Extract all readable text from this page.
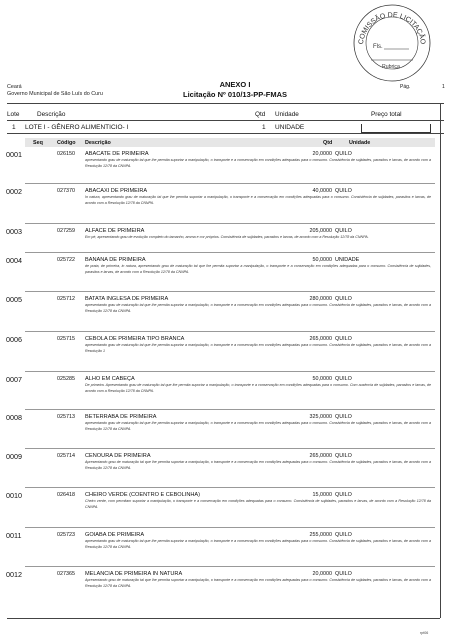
COMISSÃO DE LICITAÇÃO
Fls.
Rubrica
Ceará
Governo Municipal de São Luís do Curu
ANEXO I
Licitação Nº 010/13-PP-FMAS
Pág.	1
Lote	Descrição	Qtd Unidade	Preço total
1 LOTE I - GÊNERO ALIMENTICIO- I	1 UNIDADE
Seq	Código Descrição	Qtd	Unidade
0001	026150 ABACATE DE PRIMEIRA	20,0000 QUILO
apresentando grau de maturação tal que lhe permita suportar a manipulação, o transporte e a conservação em condições adequadas para o consumo. Consistência de sujidades, parasitos e larvas, de acordo com a Resolução 12/78 da CNNPA.
0002	027370 ABACAXI DE PRIMEIRA	40,0000 QUILO
In natura, apresentando grau de maturação tal que lhe permita suportar a manipulação, o transporte e a conservação em condições adequadas para o consumo. Consistência de sujidades, parasitos e larvas, de acordo com a Resolução 12/78 da CNNPA.
0003	027259 ALFACE DE PRIMEIRA	205,0000 QUILO
Em pé, apresentando grau de evolução completo do tamanho, aroma e cor próprios. Consistência de sujidades, parasitos e larvas, de acordo com a Resolução 12/78 da CNNPA.
0004	025722 BANANA DE PRIMEIRA	50,0000 UNIDADE
de prata, de primeira, in natura, apresentando grau de maturação tal que lhe permita suportar a manipulação, o transporte e a conservação em condições adequadas para o consumo. Consistência de sujidades, parasitos e larvas, de acordo com a Resolução 12/78 da CNNPA.
0005	025712 BATATA INGLESA DE PRIMEIRA	280,0000 QUILO
apresentando grau de maturação tal que lhe permita suportar a manipulação, o transporte e a conservação em condições adequadas para o consumo. Consistência de sujidades, parasitos e larvas, de acordo com a Resolução 12/78 da CNNPA.
0006	025715 CEBOLA DE PRIMEIRA TIPO BRANCA	265,0000 QUILO
apresentando grau de maturação tal que lhe permita suportar a manipulação, o transporte e a conservação em condições adequadas para o consumo. Consistência de sujidades, parasitos e larvas, de acordo com a Resolução 1
0007	025285 ALHO EM CABEÇA	50,0000 QUILO
De primeira. Apresentando grau de maturação tal que lhe permita suportar a manipulação, o transporte e a conservação em condições adequadas para o consumo. Com ausência de sujidades, parasitos e larvas, de acordo com a Resolução 12/78 da CNNPA.
0008	025713 BETERRABA DE PRIMEIRA	325,0000 QUILO
apresentando grau de maturação tal que lhe permita suportar a manipulação, o transporte e a conservação em condições adequadas para o consumo. Consistência de sujidades, parasitos e larvas, de acordo com a Resolução 12/78 da CNNPA.
0009	025714 CENOURA DE PRIMEIRA	265,0000 QUILO
Apresentando grau de maturação tal que lhe permita suportar a manipulação, o transporte e a conservação em condições adequadas para o consumo. Consistência de sujidades, parasitos e larvas, de acordo com a Resolução 12/78 da CNNPA.
0010	026418 CHEIRO VERDE (COENTRO E CEBOLINHA)	15,0000 QUILO
Cheiro verde, com permitam suportar a manipulação, o transporte e a conservação em condições adequadas para o consumo. Consistência de sujidades, parasitos e larvas, de acordo com a Resolução 12/78 da CNNPA.
0011	025723 GOIABA DE PRIMEIRA	255,0000 QUILO
apresentando grau de maturação tal que lhe permita suportar a manipulação, o transporte e a conservação em condições adequadas para o consumo. Consistência de sujidades, parasitos e larvas, de acordo com a Resolução 12/78 da CNNPA.
0012	027365 MELANCIA DE PRIMEIRA IN NATURA	20,0000 QUILO
Apresentando grau de maturação tal que lhe permita suportar a manipulação, o transporte e a conservação em condições adequadas para o consumo. Consistência de sujidades, parasitos e larvas, de acordo com a Resolução 12/78 da CNNPA.
rpt06
